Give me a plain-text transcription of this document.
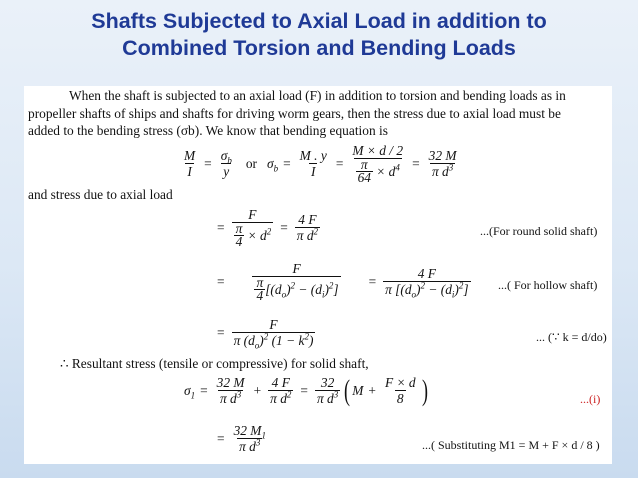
Shafts Subjected to Axial Load in addition to
Combined Torsion and Bending Loads
When the shaft is subjected to an axial load (F) in addition to torsion and bending loads as in
propeller shafts of ships and shafts for driving worm gears, then the stress due to axial load must be
added to the bending stress (σb). We know that bending equation is
$\frac{M}{I} = \frac{\sigma_b}{y}$ or $\sigma_b = \frac{M . y}{I} = \frac{M \times d / 2}{\frac{\pi}{64} \times d^4} = \frac{32 M}{\pi d^3}$
and stress due to axial load
= $\frac{F}{\frac{\pi}{4} \times d^2} = \frac{4 F}{\pi d^2}$	...(For round solid shaft)
= $\frac{F}{\frac{\pi}{4} [(d_o)^2 - (d_i)^2]} = \frac{4 F}{\pi [(d_o)^2 - (d_i)^2]}$ ...( For hollow shaft)
= $\frac{F}{\pi (d_o)^2 (1 - k^2)}$	... (∵ k = d/do)
∴ Resultant stress (tensile or compressive) for solid shaft,
$\sigma_1 = \frac{32 M}{\pi d^3} + \frac{4 F}{\pi d^2} = \frac{32}{\pi d^3}$ ( $M + \frac{F \times d}{8}$ )	...(i)
= $\frac{32 M_1}{\pi d^3}$	...( Substituting M1 = M + F × d / 8 )
